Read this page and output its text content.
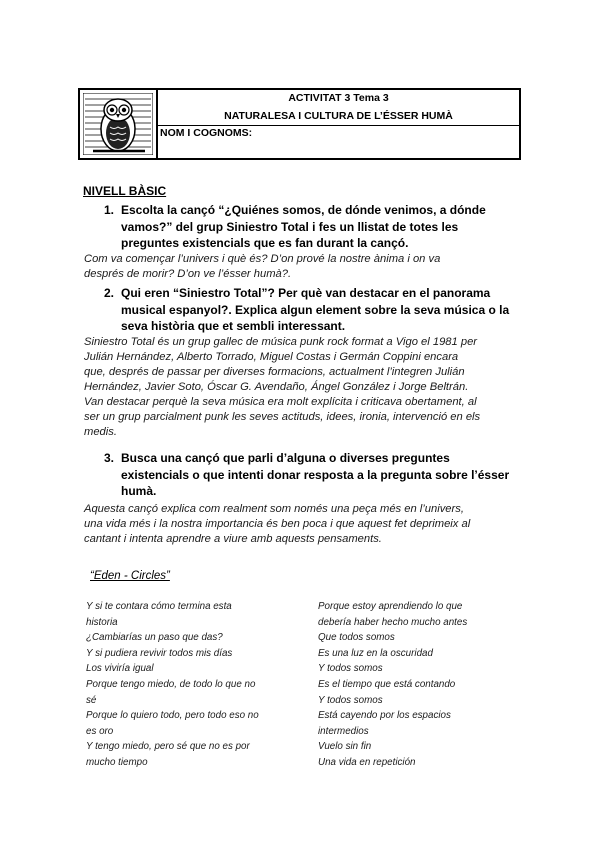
ACTIVITAT 3 Tema 3
NATURALESA I CULTURA DE L’ÉSSER HUMÀ
NOM I COGNOMS:
NIVELL BÀSIC
1. Escolta la cançó “¿Quiénes somos, de dónde venimos, a dónde
vamos?” del grup Siniestro Total i fes un llistat de totes les
preguntes existencials que es fan durant la cançó.
Com va començar l’univers i què és? D’on prové la nostre ànima i on va
després de morir? D’on ve l’ésser humà?.
2. Qui eren “Siniestro Total”? Per què van destacar en el panorama
musical espanyol?. Explica algun element sobre la seva música o la
seva història que et sembli interessant.
Siniestro Total és un grup gallec de música punk rock format a Vigo el 1981 per
Julián Hernández, Alberto Torrado, Miguel Costas i Germán Coppini encara
que, després de passar per diverses formacions, actualment l’integren Julián
Hernández, Javier Soto, Óscar G. Avendaño, Ángel González i Jorge Beltrán.
Van destacar perquè la seva música era molt explícita i criticava obertament, al
ser un grup parcialment punk les seves actituds, idees, ironia, intervenció en els
medis.
3. Busca una cançó que parli d’alguna o diverses preguntes
existencials o que intenti donar resposta a la pregunta sobre l’ésser
humà.
Aquesta cançó explica com realment som només una peça més en l’univers,
una vida més i la nostra importancia és ben poca i que aquest fet deprimeix al
cantant i intenta aprendre a viure amb aquests pensaments.
“Eden - Circles”
Y si te contara cómo termina esta
historia
¿Cambiarías un paso que das?
Y si pudiera revivir todos mis días
Los viviría igual
Porque tengo miedo, de todo lo que no
sé
Porque lo quiero todo, pero todo eso no
es oro
Y tengo miedo, pero sé que no es por
mucho tiempo
Porque estoy aprendiendo lo que
debería haber hecho mucho antes
Que todos somos
Es una luz en la oscuridad
Y todos somos
Es el tiempo que está contando
Y todos somos
Está cayendo por los espacios
intermedios
Vuelo sin fin
Una vida en repetición
